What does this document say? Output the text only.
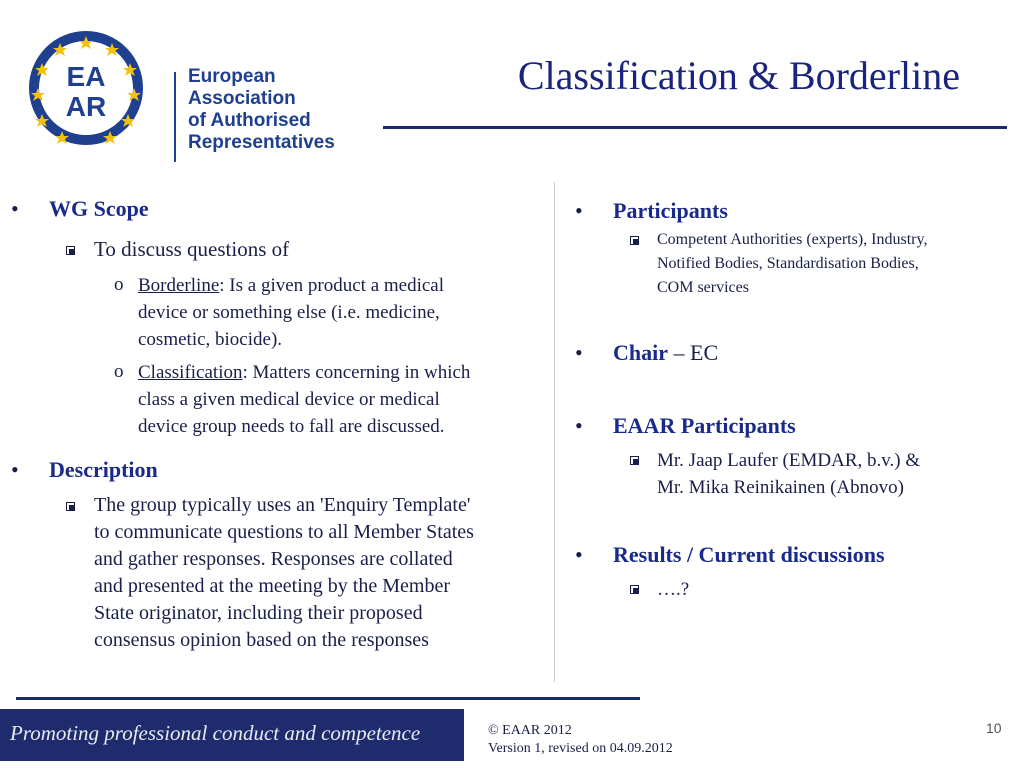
EA
AR
European
Association
of Authorised
Representatives
Classification & Borderline
• WG Scope
To discuss questions of
o Borderline: Is a given product a medical
device or something else (i.e. medicine,
cosmetic, biocide).
o Classification: Matters concerning in which
class a given medical device or medical
device group needs to fall are discussed.
• Description
The group typically uses an 'Enquiry Template'
to communicate questions to all Member States
and gather responses. Responses are collated
and presented at the meeting by the Member
State originator, including their proposed
consensus opinion based on the responses
• Participants
Competent Authorities (experts), Industry,
Notified Bodies, Standardisation Bodies,
COM services
• Chair – EC
• EAAR Participants
Mr. Jaap Laufer (EMDAR, b.v.) &
Mr. Mika Reinikainen (Abnovo)
• Results / Current discussions
….?
Promoting professional conduct and competence	© EAAR 2012
Version 1, revised on 04.09.2012
10
